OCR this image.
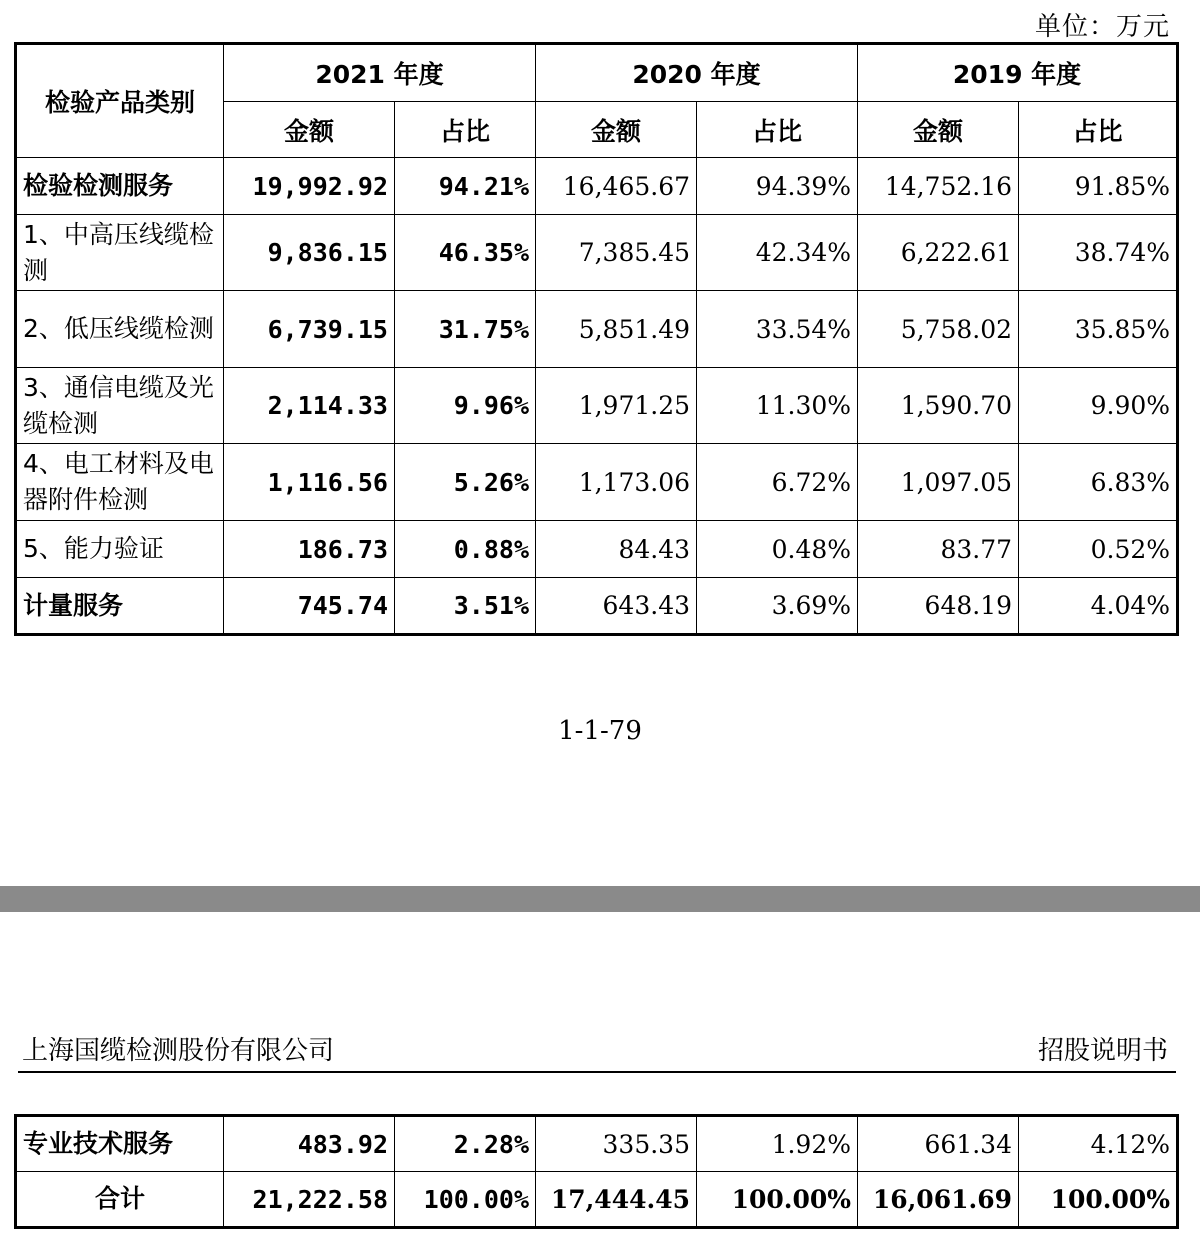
单位：万元
检验产品类别	2021 年度		2020 年度		2019 年度	
	金额	占比	金额	占比	金额	占比
检验检测服务	19,992.92	94.21%	16,465.67	94.39%	14,752.16	91.85%
1、中高压线缆检测	9,836.15	46.35%	7,385.45	42.34%	6,222.61	38.74%
2、低压线缆检测	6,739.15	31.75%	5,851.49	33.54%	5,758.02	35.85%
3、通信电缆及光缆检测	2,114.33	9.96%	1,971.25	11.30%	1,590.70	9.90%
4、电工材料及电器附件检测	1,116.56	5.26%	1,173.06	6.72%	1,097.05	6.83%
5、能力验证	186.73	0.88%	84.43	0.48%	83.77	0.52%
计量服务	745.74	3.51%	643.43	3.69%	648.19	4.04%
1-1-79
上海国缆检测股份有限公司	招股说明书
专业技术服务	483.92	2.28%	335.35	1.92%	661.34	4.12%
合计	21,222.58	100.00%	17,444.45	100.00%	16,061.69	100.00%
